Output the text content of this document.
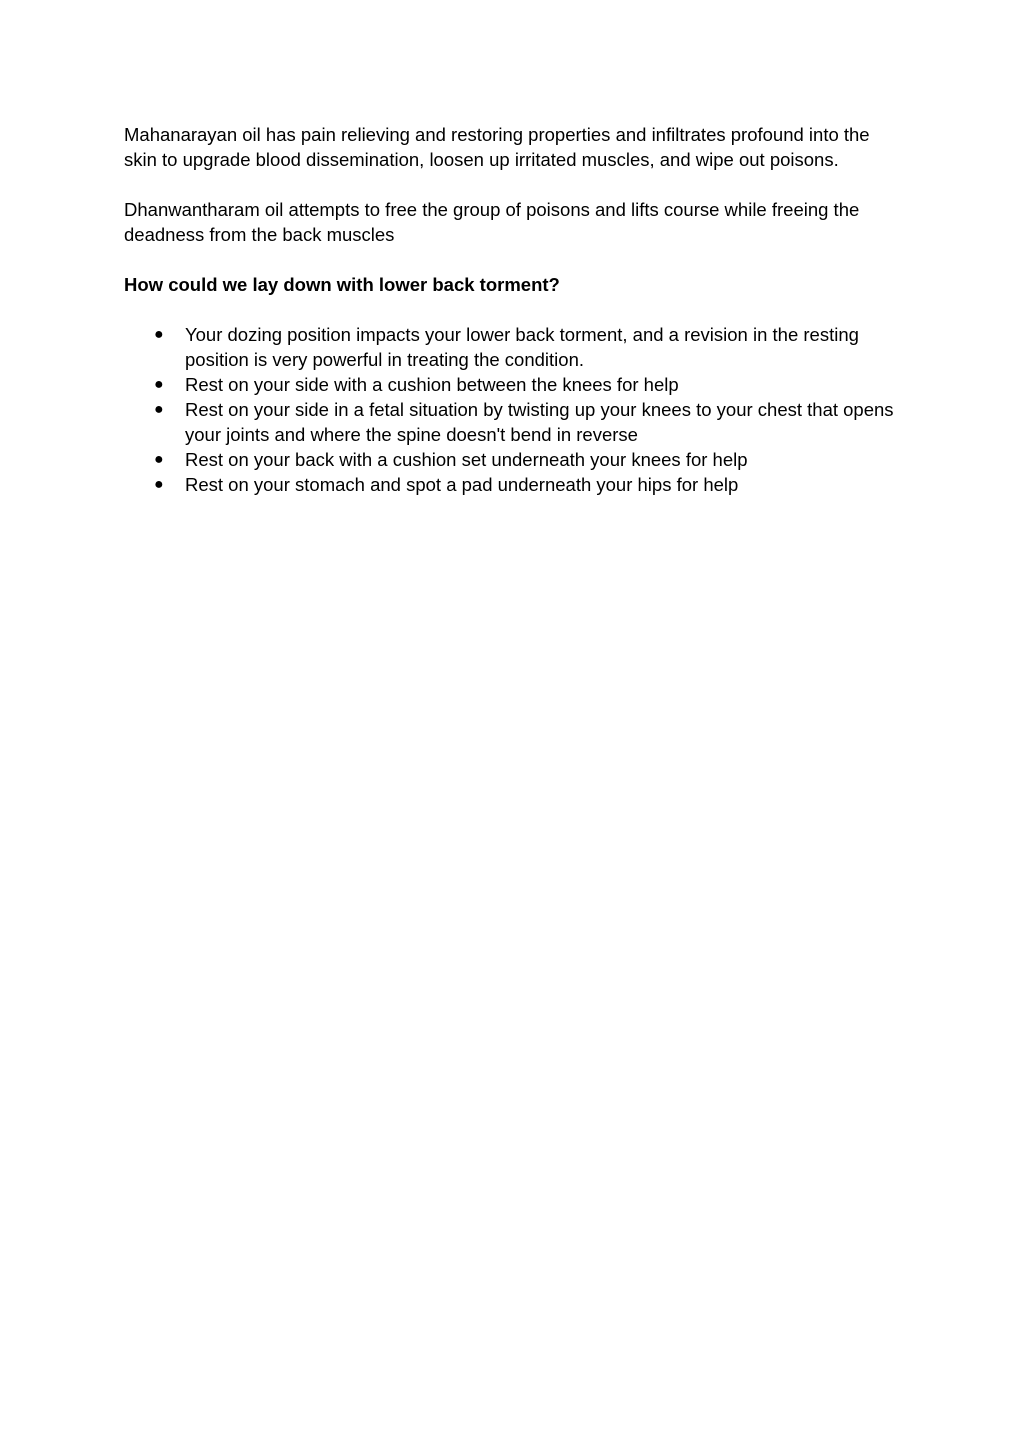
Mahanarayan oil has pain relieving and restoring properties and infiltrates profound into the skin to upgrade blood dissemination, loosen up irritated muscles, and wipe out poisons.

Dhanwantharam oil attempts to free the group of poisons and lifts course while freeing the deadness from the back muscles

How could we lay down with lower back torment?

● Your dozing position impacts your lower back torment, and a revision in the resting position is very powerful in treating the condition.
● Rest on your side with a cushion between the knees for help
● Rest on your side in a fetal situation by twisting up your knees to your chest that opens your joints and where the spine doesn't bend in reverse
● Rest on your back with a cushion set underneath your knees for help
● Rest on your stomach and spot a pad underneath your hips for help
